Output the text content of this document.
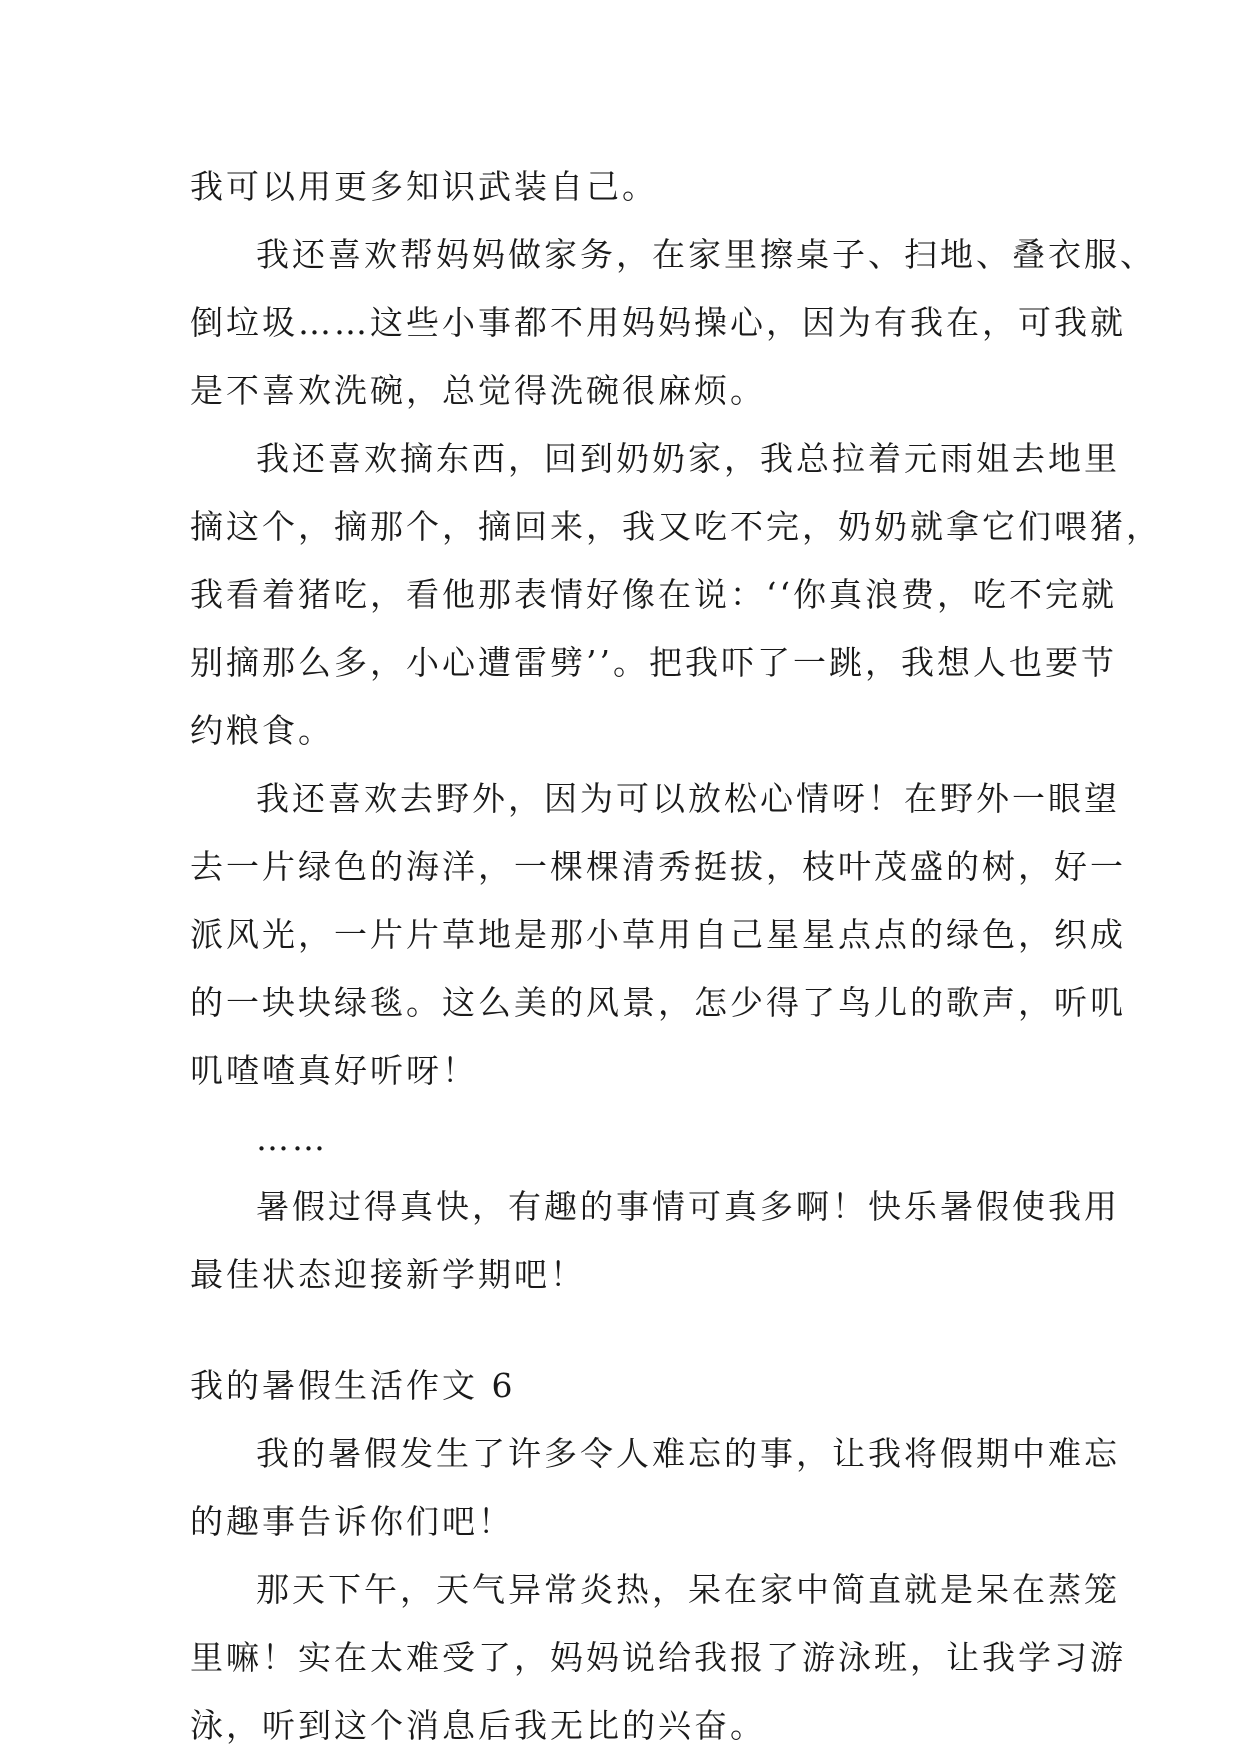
我可以用更多知识武装自己。
我还喜欢帮妈妈做家务，在家里擦桌子、扫地、叠衣服、
倒垃圾……这些小事都不用妈妈操心，因为有我在，可我就
是不喜欢洗碗，总觉得洗碗很麻烦。
我还喜欢摘东西，回到奶奶家，我总拉着元雨姐去地里
摘这个，摘那个，摘回来，我又吃不完，奶奶就拿它们喂猪，
我看着猪吃，看他那表情好像在说：‘‘你真浪费，吃不完就
别摘那么多，小心遭雷劈’’。把我吓了一跳，我想人也要节
约粮食。
我还喜欢去野外，因为可以放松心情呀！在野外一眼望
去一片绿色的海洋，一棵棵清秀挺拔，枝叶茂盛的树，好一
派风光，一片片草地是那小草用自己星星点点的绿色，织成
的一块块绿毯。这么美的风景，怎少得了鸟儿的歌声，听叽
叽喳喳真好听呀！
……
暑假过得真快，有趣的事情可真多啊！快乐暑假使我用
最佳状态迎接新学期吧！
我的暑假生活作文 6
我的暑假发生了许多令人难忘的事，让我将假期中难忘
的趣事告诉你们吧！
那天下午，天气异常炎热，呆在家中简直就是呆在蒸笼
里嘛！实在太难受了，妈妈说给我报了游泳班，让我学习游
泳，听到这个消息后我无比的兴奋。
